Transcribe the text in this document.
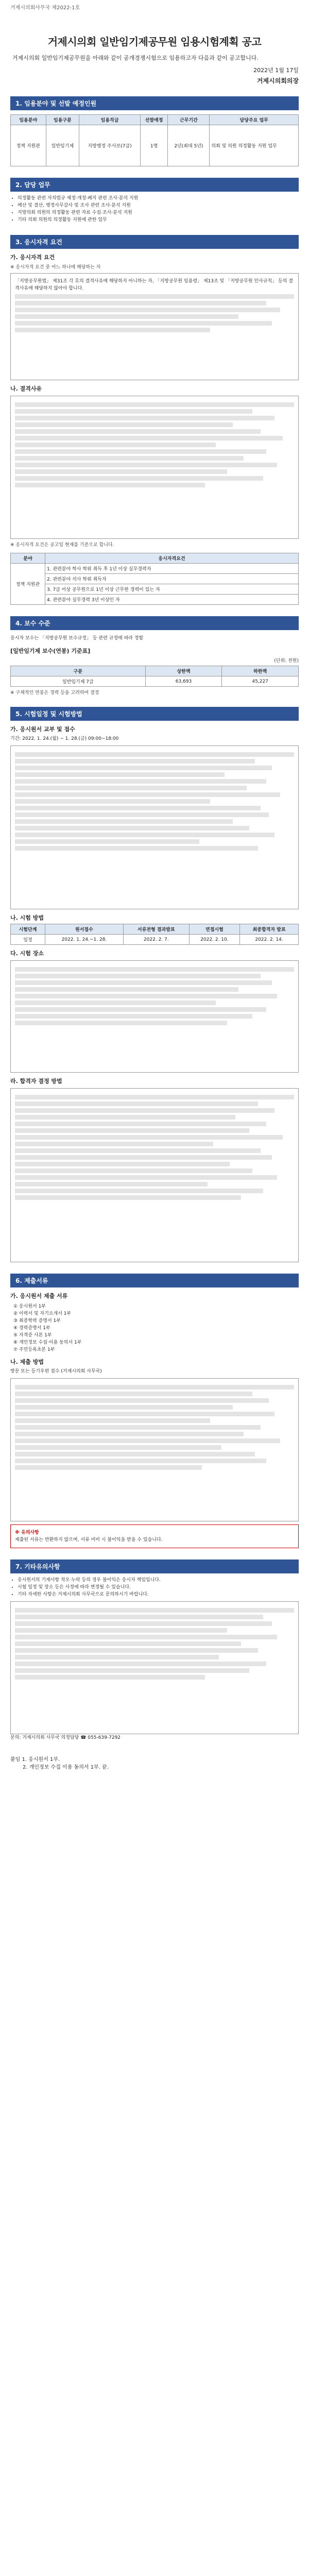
거제시의회사무국 제2022-1호
거제시의회 일반임기제공무원 임용시험계획 공고

거제시의회 일반임기제공무원을 아래와 같이 공개경쟁시험으로 임용하고자 다음과 같이 공고합니다.

2022년 1월 17일
거제시의회의장
1. 임용분야 및 선발 예정인원
임용분야	임용구분	임용직급	선발예정	근무기간	담당주요 업무
정책 지원관	일반임기제	지방행정 주사보(7급)	1명	2년(최대 5년)	의회 및 의원 의정활동 지원 업무
2. 담당 업무
• 의정활동 관련 자치법규 제정·개정·폐지 관련 조사·분석 지원
• 예산 및 결산, 행정사무감사 및 조사 관련 조사·분석 지원
• 지방의회 의원의 의정활동 관련 자료 수집·조사·분석 지원
• 기타 의회 의원의 의정활동 지원에 관한 업무
3. 응시자격 요건
가. 응시자격 요건
※ 응시자격 요건 중 어느 하나에 해당하는 자
「지방공무원법」 제31조 각 호의 결격사유에 해당하지 아니하는 자, 「지방공무원 임용령」 제13조 및 「지방공무원 인사규칙」 등의 결격사유에 해당하지 않아야 합니다.
나. 결격사유
※ 응시자격 요건은 공고일 현재를 기준으로 합니다.
분야	응시자격요건
정책 지원관	1. 관련분야 학사 학위 취득 후 1년 이상 실무경력자
	2. 관련분야 석사 학위 취득자
	3. 7급 이상 공무원으로 1년 이상 근무한 경력이 있는 자
	4. 관련분야 실무경력 3년 이상인 자
4. 보수 수준

응시자 보수는 「지방공무원 보수규정」 등 관련 규정에 따라 정함

[일반임기제 보수(연봉) 기준표]
(단위: 천원)
구분	상한액	하한액
일반임기제 7급	63,693	45,227
※ 구체적인 연봉은 경력 등을 고려하여 결정
5. 시험일정 및 시험방법
가. 응시원서 교부 및 접수
기간: 2022. 1. 24.(월) ~ 1. 28.(금) 09:00~18:00
나. 시험 방법
시험단계	원서접수	서류전형 결과발표	면접시험	최종합격자 발표
일정	2022. 1. 24.~1. 28.	2022. 2. 7.	2022. 2. 10.	2022. 2. 14.
다. 시험 장소
라. 합격자 결정 방법
6. 제출서류
가. 응시원서 제출 서류
① 응시원서 1부
② 이력서 및 자기소개서 1부
③ 최종학력 증명서 1부
④ 경력증명서 1부
⑤ 자격증 사본 1부
⑥ 개인정보 수집·이용 동의서 1부
⑦ 주민등록초본 1부
나. 제출 방법
방문 또는 등기우편 접수 (거제시의회 사무국)
※ 유의사항
제출된 서류는 반환하지 않으며, 서류 미비 시 불이익을 받을 수 있습니다.
7. 기타유의사항
• 응시원서의 기재사항 착오·누락 등의 경우 불이익은 응시자 책임입니다.
• 시험 일정 및 장소 등은 사정에 따라 변경될 수 있습니다.
• 기타 자세한 사항은 거제시의회 사무국으로 문의하시기 바랍니다.
문의: 거제시의회 사무국 의정담당 ☎ 055-639-7292
붙임 1. 응시원서 1부.
2. 개인정보 수집 이용 동의서 1부. 끝.
